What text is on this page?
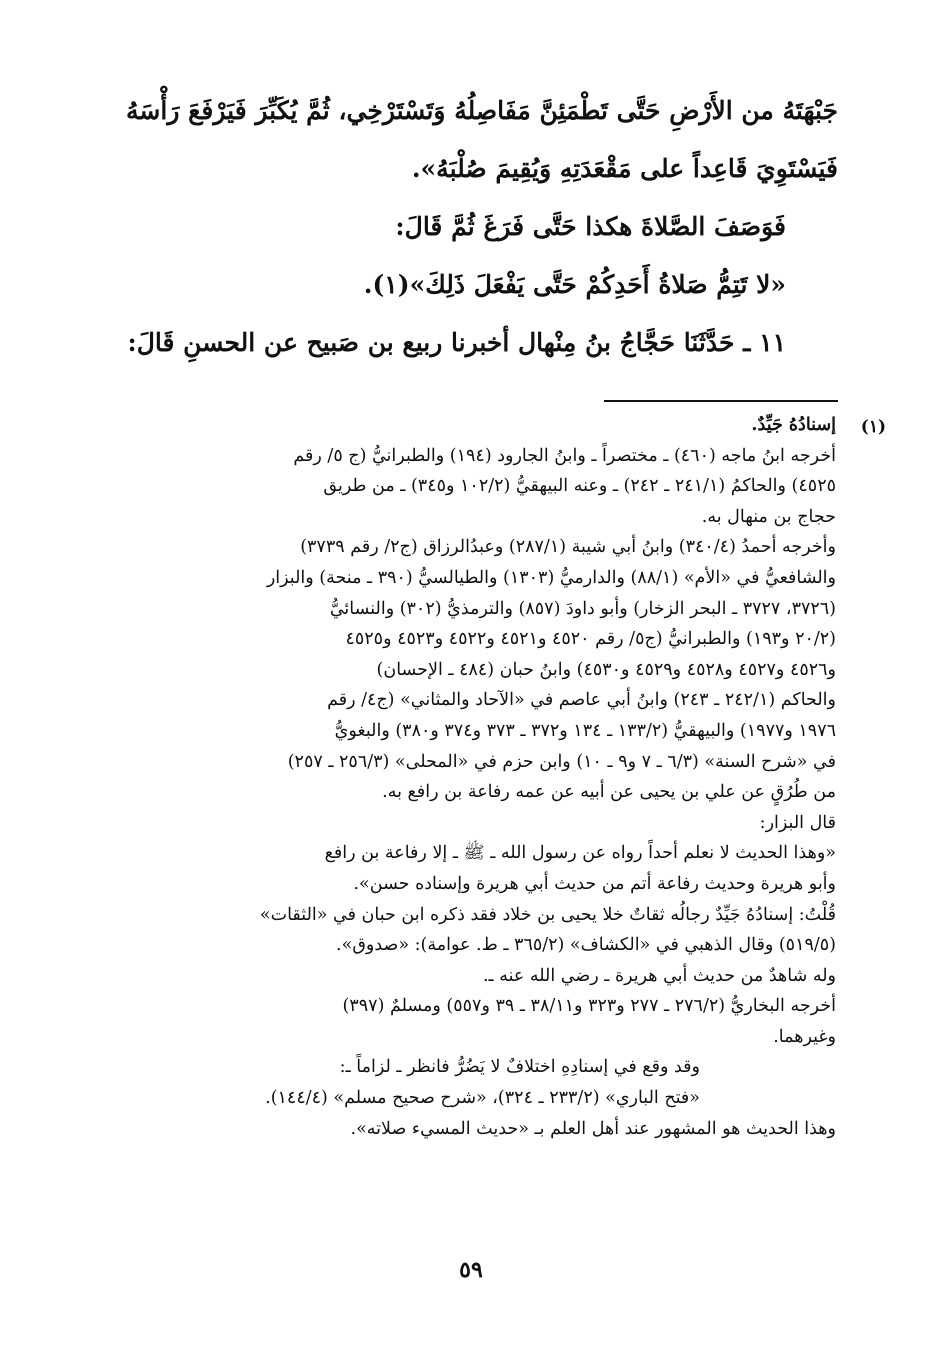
جَبْهَتَهُ من الأَرْضِ حَتَّى تَطْمَئِنَّ مَفَاصِلُهُ وَتَسْتَرْخِي، ثُمَّ يُكَبِّرَ فَيَرْفَعَ رَأْسَهُ

فَيَسْتَوِيَ قَاعِداً على مَقْعَدَتِهِ وَيُقِيمَ صُلْبَهُ».

فَوَصَفَ الصَّلاةَ هكذا حَتَّى فَرَغَ ثُمَّ قَالَ:

«لا تَتِمُّ صَلاةُ أَحَدِكُمْ حَتَّى يَفْعَلَ ذَلِكَ»(١).

١١ ـ حَدَّثَنَا حَجَّاجُ بنُ مِنْهال أخبرنا ربيع بن صَبيح عن الحسنِ قَالَ:

(١)

إسنادُهُ جَيِّدٌ.

أخرجه ابنُ ماجه (٤٦٠) ـ مختصراً ـ وابنُ الجارود (١٩٤) والطبرانيُّ (ج ٥/ رقم

٤٥٢٥) والحاكمُ (٢٤١/١ ـ ٢٤٢) ـ وعنه البيهقيُّ (١٠٢/٢ و٣٤٥) ـ من طريق

حجاج بن منهال به.

وأخرجه أحمدُ (٣٤٠/٤) وابنُ أبي شيبة (٢٨٧/١) وعبدُالرزاق (ج٢/ رقم ٣٧٣٩)

والشافعيُّ في «الأم» (٨٨/١) والدارميُّ (١٣٠٣) والطيالسيُّ (٣٩٠ ـ منحة) والبزار

(٣٧٢٦، ٣٧٢٧ ـ البحر الزخار) وأبو داودَ (٨٥٧) والترمذيُّ (٣٠٢) والنسائيُّ

(٢٠/٢ و١٩٣) والطبرانيُّ (ج٥/ رقم ٤٥٢٠ و٤٥٢١ و٤٥٢٢ و٤٥٢٣ و٤٥٢٥

و٤٥٢٦ و٤٥٢٧ و٤٥٢٨ و٤٥٢٩ و٤٥٣٠) وابنُ حبان (٤٨٤ ـ الإحسان)

والحاكم (٢٤٢/١ ـ ٢٤٣) وابنُ أبي عاصم في «الآحاد والمثاني» (ج٤/ رقم

١٩٧٦ و١٩٧٧) والبيهقيُّ (١٣٣/٢ ـ ١٣٤ و٣٧٢ ـ ٣٧٣ و٣٧٤ و٣٨٠) والبغويُّ

في «شرح السنة» (٦/٣ ـ ٧ و٩ ـ ١٠) وابن حزم في «المحلى» (٢٥٦/٣ ـ ٢٥٧)

من طُرُقٍ عن علي بن يحيى عن أبيه عن عمه رفاعة بن رافع به.

قال البزار:

«وهذا الحديث لا نعلم أحداً رواه عن رسول الله ـ ﷺ ـ إلا رفاعة بن رافع

وأبو هريرة وحديث رفاعة أتم من حديث أبي هريرة وإسناده حسن».

قُلْتُ: إسنادُهُ جَيِّدٌ رجالُه ثقاتٌ خلا يحيى بن خلاد فقد ذكره ابن حبان في «الثقات»

(٥١٩/٥) وقال الذهبي في «الكشاف» (٣٦٥/٢ ـ ط. عوامة): «صدوق».

وله شاهدٌ من حديث أبي هريرة ـ رضي الله عنه ـ.

أخرجه البخاريُّ (٢٧٦/٢ ـ ٢٧٧ و٣٢٣ و٣٨/١١ ـ ٣٩ و٥٥٧) ومسلمٌ (٣٩٧)

وغيرهما.

وقد وقع في إسنادِهِ اختلافٌ لا يَضُرُّ فانظر ـ لزاماً ـ:

«فتح الباري» (٢٣٣/٢ ـ ٣٢٤)، «شرح صحيح مسلم» (١٤٤/٤).

وهذا الحديث هو المشهور عند أهل العلم بـ «حديث المسيء صلاته».

٥٩
